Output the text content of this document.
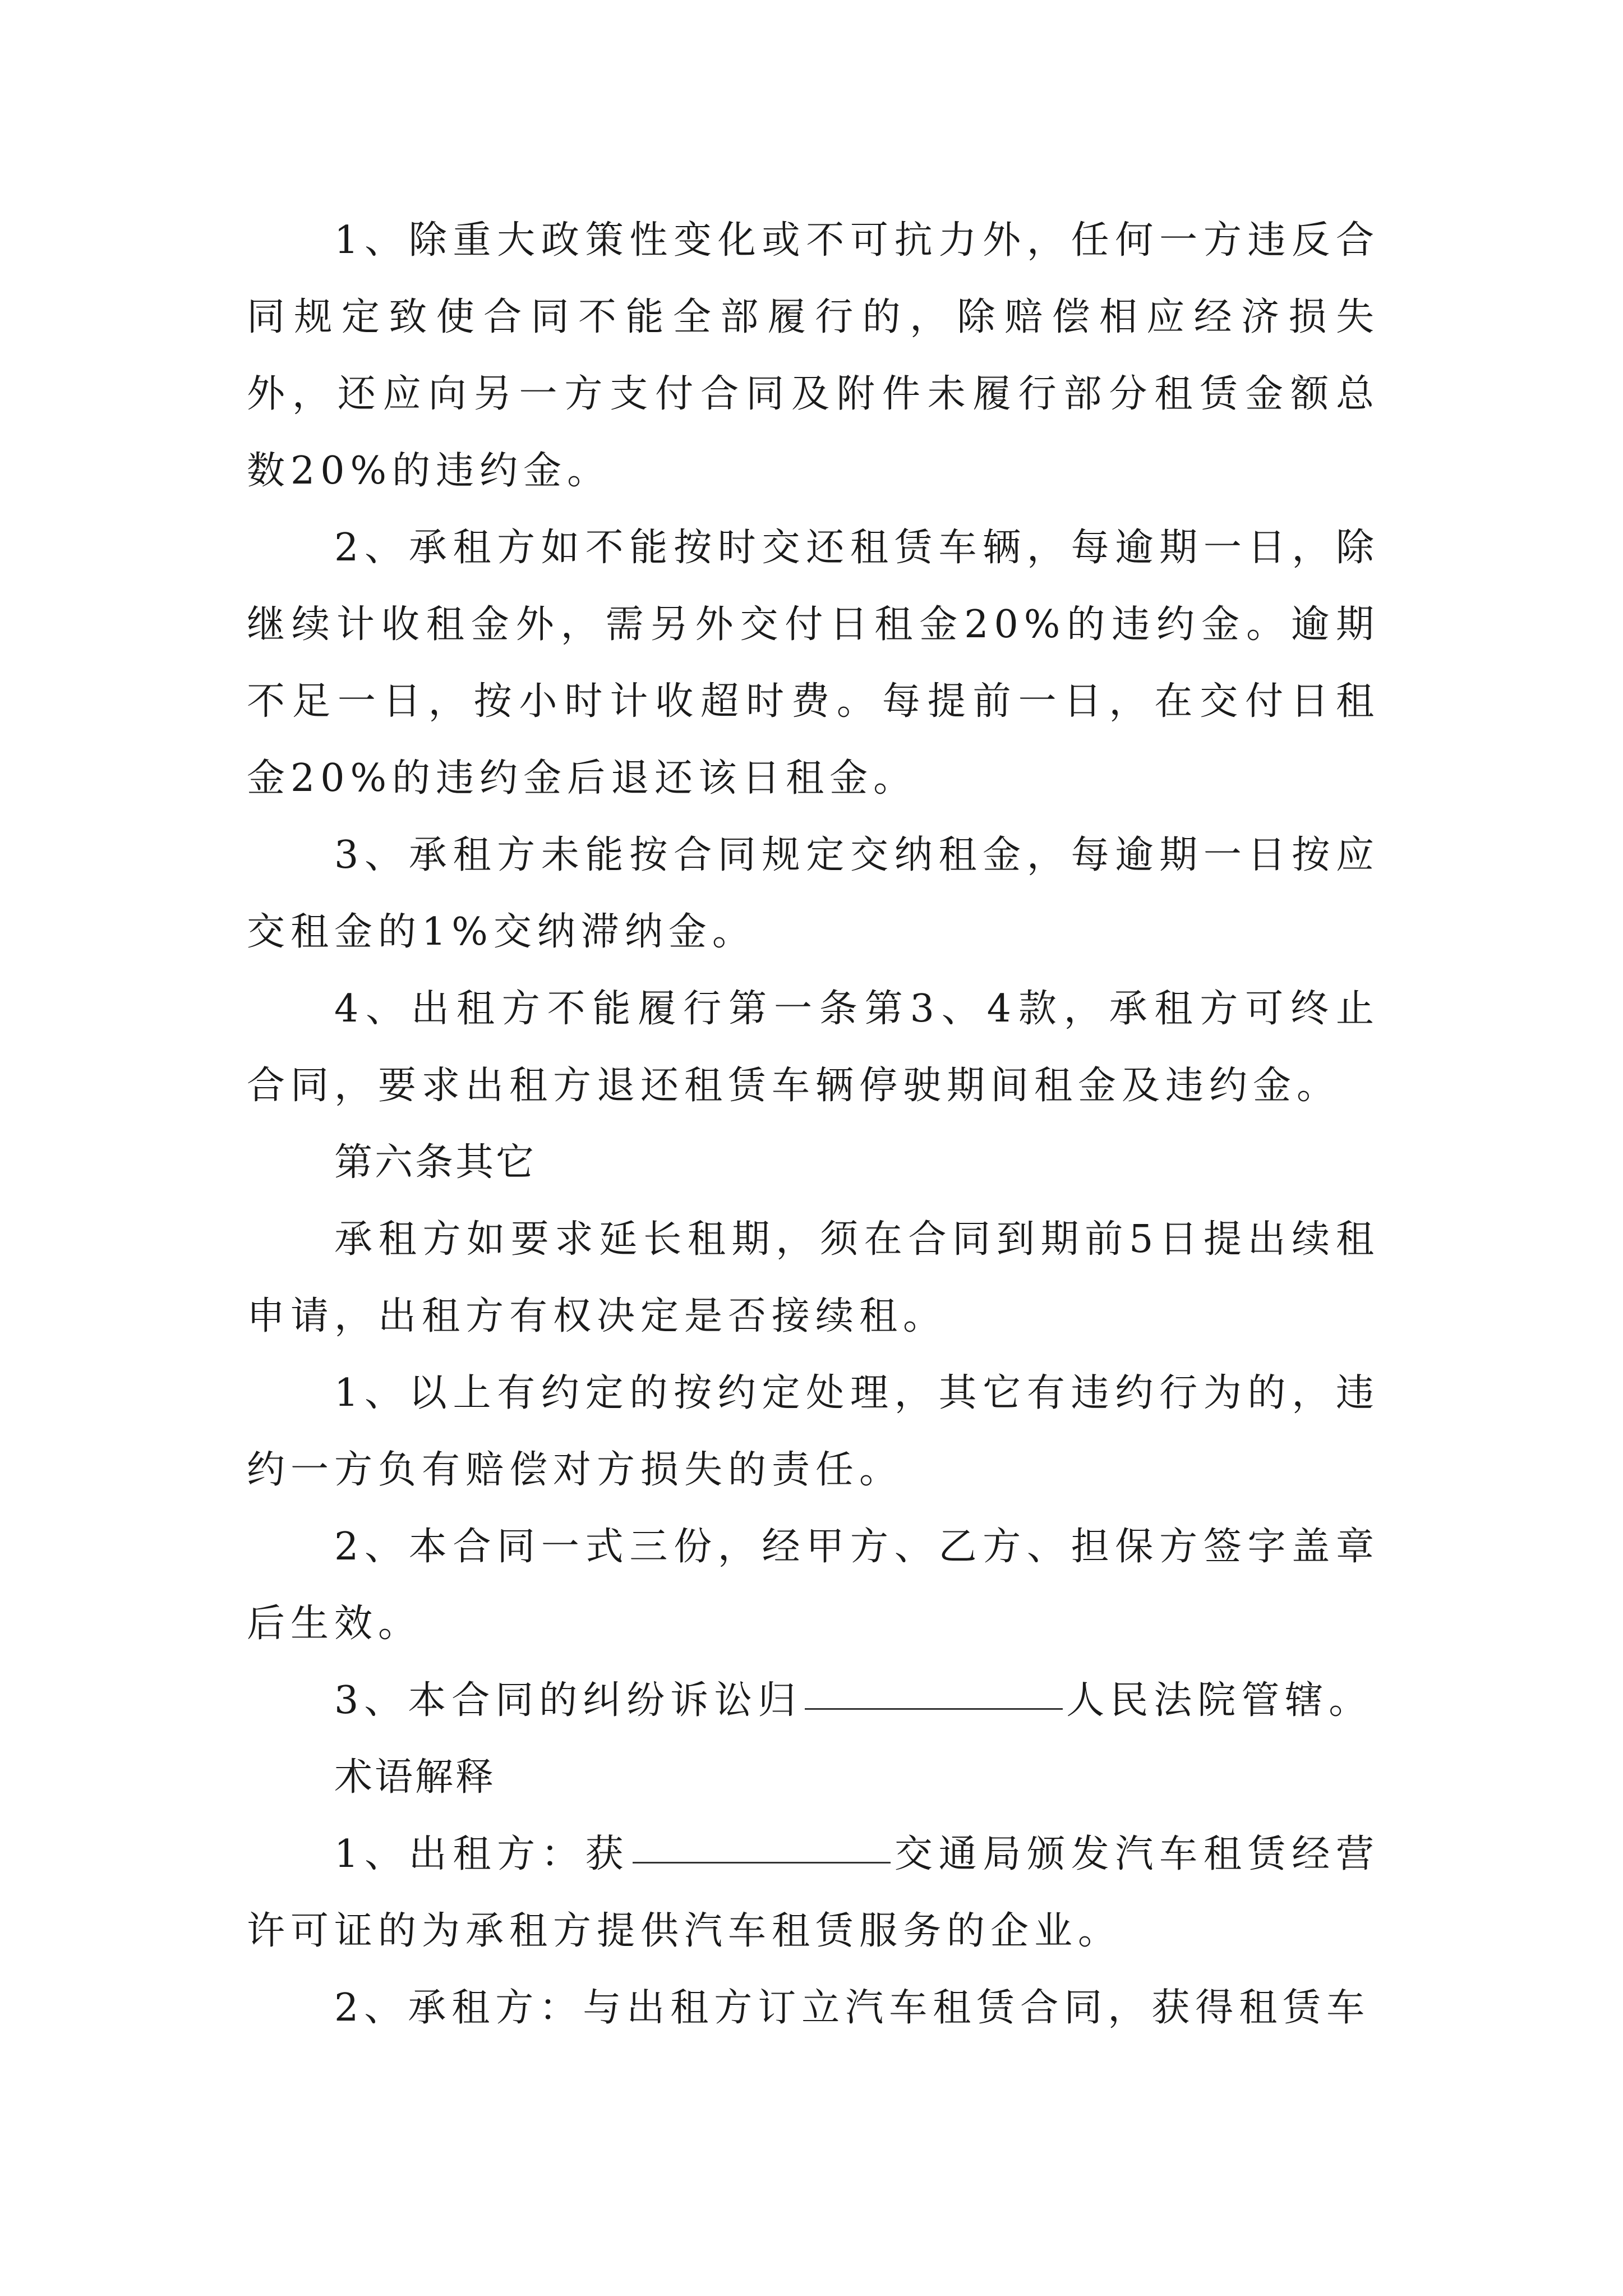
1、除重大政策性变化或不可抗力外，任何一方违反合同规定致使合同不能全部履行的，除赔偿相应经济损失外，还应向另一方支付合同及附件未履行部分租赁金额总数20%的违约金。

2、承租方如不能按时交还租赁车辆，每逾期一日，除继续计收租金外，需另外交付日租金20%的违约金。逾期不足一日，按小时计收超时费。每提前一日，在交付日租金20%的违约金后退还该日租金。

3、承租方未能按合同规定交纳租金，每逾期一日按应交租金的1%交纳滞纳金。

4、出租方不能履行第一条第3、4款，承租方可终止合同，要求出租方退还租赁车辆停驶期间租金及违约金。

第六条其它

承租方如要求延长租期，须在合同到期前5日提出续租申请，出租方有权决定是否接续租。

1、以上有约定的按约定处理，其它有违约行为的，违约一方负有赔偿对方损失的责任。

2、本合同一式三份，经甲方、乙方、担保方签字盖章后生效。

3、本合同的纠纷诉讼归	人民法院管辖。

术语解释

1、出租方：获	交通局颁发汽车租赁经营许可证的为承租方提供汽车租赁服务的企业。

2、承租方：与出租方订立汽车租赁合同，获得租赁车
